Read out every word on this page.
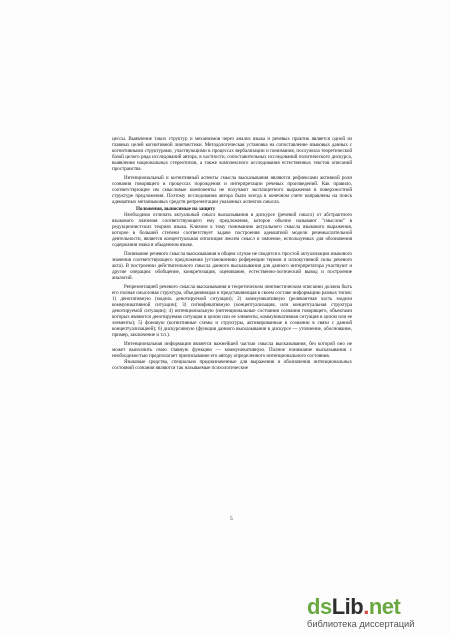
цессы. Выявление таких структур и механизмов через анализ языка и речевых практик является одной из главных целей когнитивной лингвистики. Методологическая установка на сопоставление языковых данных с когнитивными структурами, участвующими в процессах вербализации и понимания, послужила теоретической базой целого ряда исследований автора, в частности, сопоставительных исследований политического дискурса, выявления национальных стереотипов, а также комплексного исследования естественных текстов описаний пространства.

Интенциональный и когнитивный аспекты смысла высказывания являются рефлексами активной роли сознания говорящего в процессах порождения и интерпретации речевых произведений. Как правило, соответствующие им смысловые компоненты не получают эксплицитного выражения в поверхностной структуре предложения. Поэтому исследования автора были всегда в конечном счете направлены на поиск адекватных метаязыковых средств репрезентации указанных аспектов смысла.

Положения, выносимые на защиту

Необходимо отличать актуальный смысл высказывания в дискурсе (речевой смысл) от абстрактного языкового значения соответствующего ему предложения, которое обычно называют "смыслом" в редукционистских теориях языка. Ключом к тому пониманию актуального смысла языкового выражения, которое в большей степени соответствует задаче построения адекватной модели речемыслительной деятельности, является концептуальная оппозиция лексем смысл и значение, используемых для обозначения содержания знака в обыденном языке.

Понимание речевого смысла высказывания в общем случае не сводится к простой актуализации языкового значения соответствующего предложения (установлению референции термов и иллокутивной силы речевого акта). В построении действительного смысла данного высказывания для данного интерпретатора участвуют и другие операции: обобщение, конкретизация, оценивание, естественно-логический вывод и построение аналогий.

Репрезентацией речевого смысла высказывания в теоретическом лингвистическом описании должна быть его полная смысловая структура, объединяющая и представляющая в своем составе информацию разных типов: 1) денотативную (модель денотируемой ситуации); 2) коммуникативную (релевантная часть модели коммуникативной ситуации); 3) сигнификативную (концептуализация, или концептуальная структура денотируемой ситуации); 4) интенциональную (интенциональные состояния сознания говорящего, объектами которых являются денотируемая ситуация в целом или ее элементы, коммуникативная ситуация в целом или ее элементы); 5) фоновую (когнитивные схемы и структуры, активированные в сознании в связи с данной концептуализацией); 6) дискурсивную (функция данного высказывания в дискурсе — уточнение, обоснование, пример, заключение и т.п.).

Интенциональная информация является важнейшей частью смысла высказывания, без которой оно не может выполнить свою главную функцию — коммуникативную. Полное понимание высказывания с необходимостью предполагает приписывание его автору определенного интенционального состояния.

Языковые средства, специально предназначенные для выражения и обозначения интенциональных состояний сознания являются так называемые психологические

5
dsLib.net
библиотека диссертаций
